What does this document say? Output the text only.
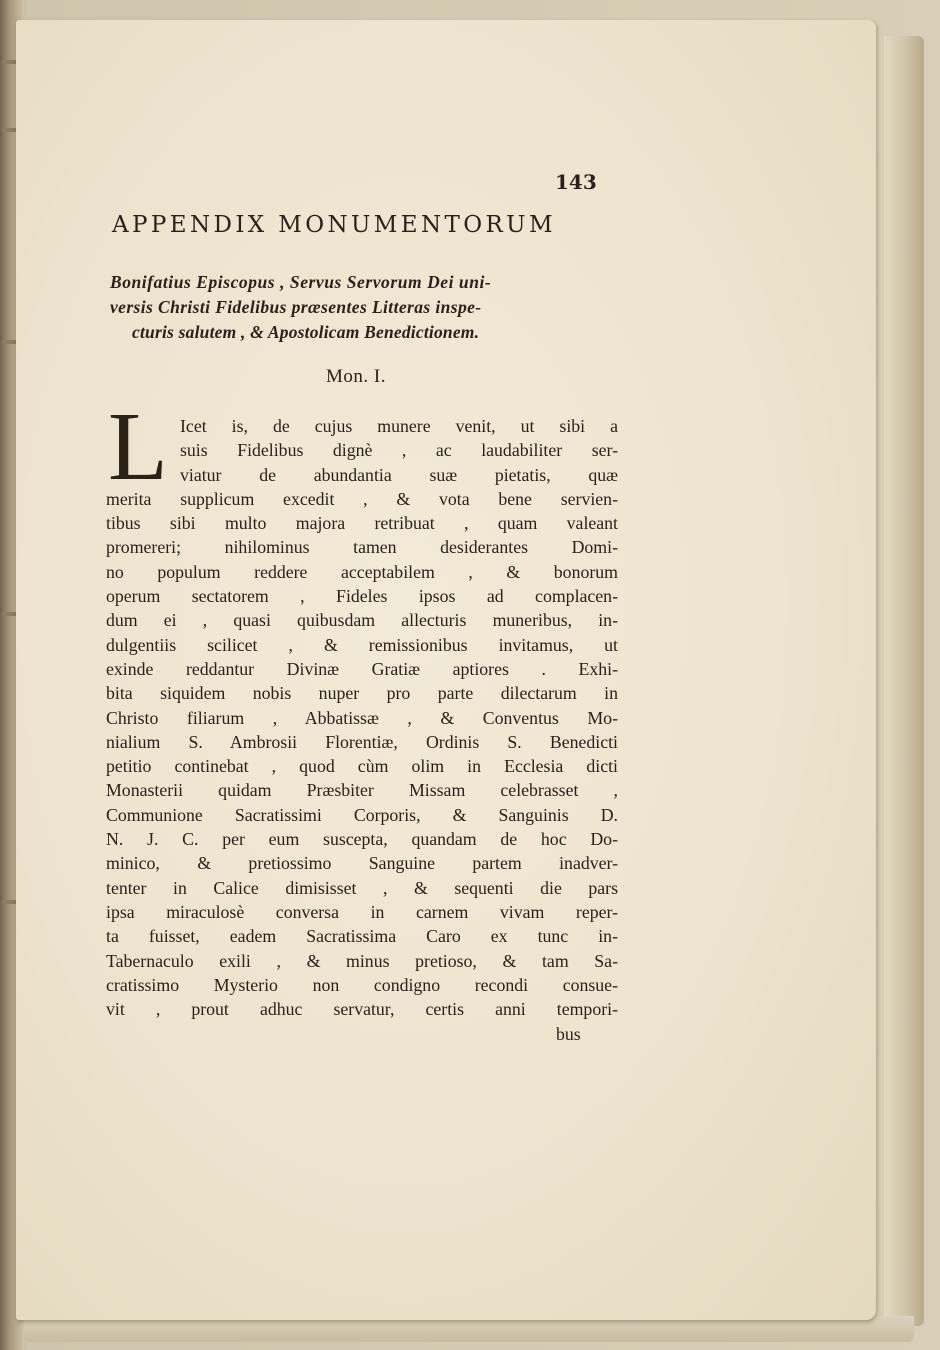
143
APPENDIX MONUMENTORUM
Bonifatius Episcopus , Servus Servorum Dei uni-
versis Christi Fidelibus præsentes Litteras inspe-
cturis salutem , & Apostolicam Benedictionem.
Mon. I.
L Icet is, de cujus munere venit, ut sibi a
suis Fidelibus dignè , ac laudabiliter ser-
viatur de abundantia suæ pietatis, quæ
merita supplicum excedit , & vota bene servien-
tibus sibi multo majora retribuat , quam valeant
promereri; nihilominus tamen desiderantes Domi-
no populum reddere acceptabilem , & bonorum
operum sectatorem , Fideles ipsos ad complacen-
dum ei , quasi quibusdam allecturis muneribus, in-
dulgentiis scilicet , & remissionibus invitamus, ut
exinde reddantur Divinæ Gratiæ aptiores . Exhi-
bita siquidem nobis nuper pro parte dilectarum in
Christo filiarum , Abbatissæ , & Conventus Mo-
nialium S. Ambrosii Florentiæ, Ordinis S. Benedicti
petitio continebat , quod cùm olim in Ecclesia dicti
Monasterii quidam Præsbiter Missam celebrasset ,
Communione Sacratissimi Corporis, & Sanguinis D.
N. J. C. per eum suscepta, quandam de hoc Do-
minico, & pretiossimo Sanguine partem inadver-
tenter in Calice dimisisset , & sequenti die pars
ipsa miraculosè conversa in carnem vivam reper-
ta fuisset, eadem Sacratissima Caro ex tunc in-
Tabernaculo exili , & minus pretioso, & tam Sa-
cratissimo Mysterio non condigno recondi consue-
vit , prout adhuc servatur, certis anni tempori-
bus
